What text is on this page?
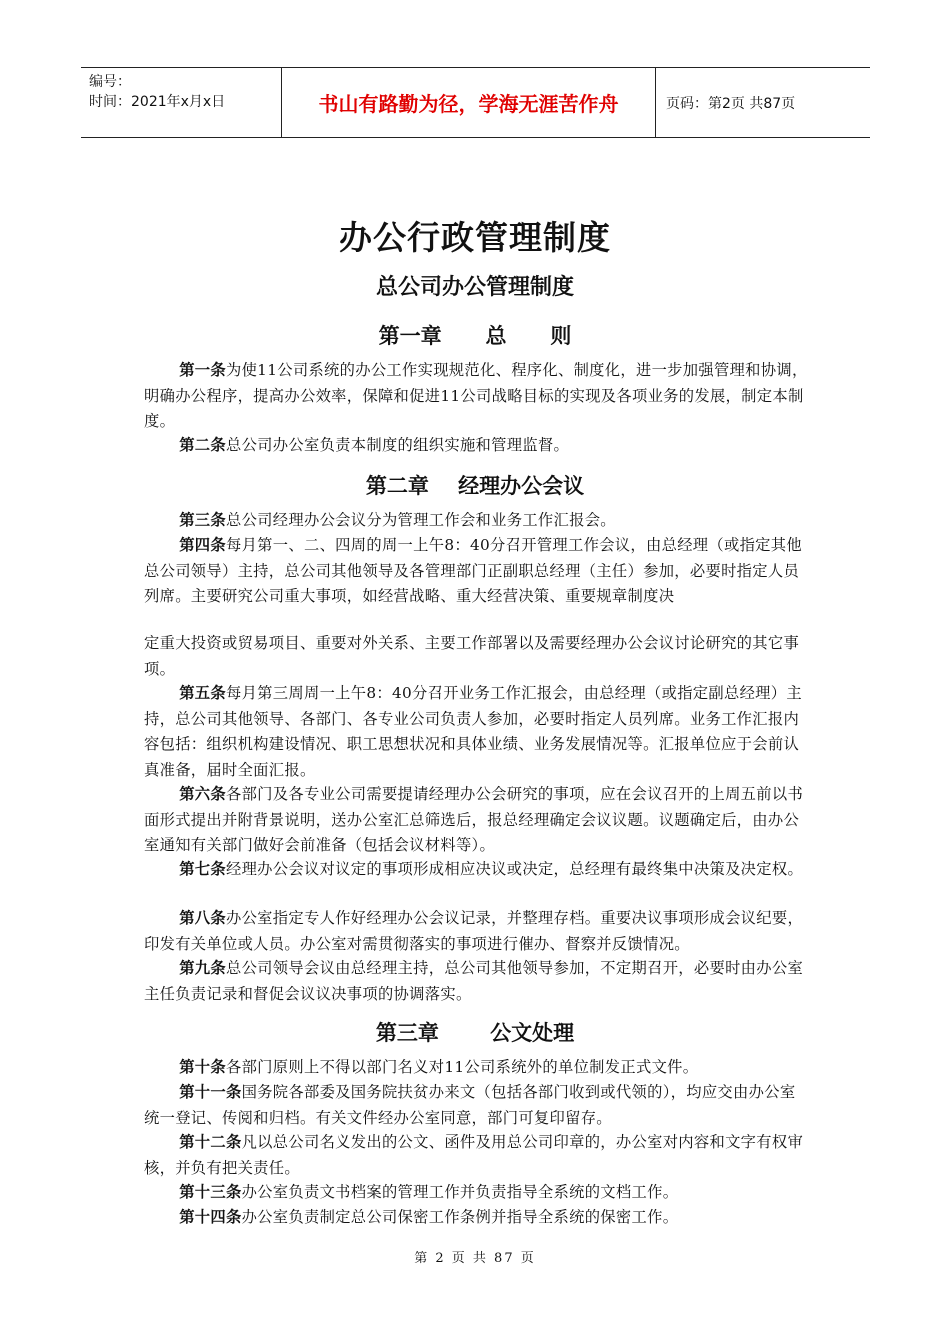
编号：
时间：2021年x月x日	书山有路勤为径，学海无涯苦作舟	页码：第2页 共87页
办公行政管理制度
总公司办公管理制度
第一章      总      则
第一条为使11公司系统的办公工作实现规范化、程序化、制度化，进一步加强管理和协调，明确办公程序，提高办公效率，保障和促进11公司战略目标的实现及各项业务的发展，制定本制度。
第二条总公司办公室负责本制度的组织实施和管理监督。
第二章    经理办公会议
第三条总公司经理办公会议分为管理工作会和业务工作汇报会。
第四条每月第一、二、四周的周一上午8：40分召开管理工作会议，由总经理（或指定其他总公司领导）主持，总公司其他领导及各管理部门正副职总经理（主任）参加，必要时指定人员列席。主要研究公司重大事项，如经营战略、重大经营决策、重要规章制度决
定重大投资或贸易项目、重要对外关系、主要工作部署以及需要经理办公会议讨论研究的其它事项。
第五条每月第三周周一上午8：40分召开业务工作汇报会，由总经理（或指定副总经理）主持，总公司其他领导、各部门、各专业公司负责人参加，必要时指定人员列席。业务工作汇报内容包括：组织机构建设情况、职工思想状况和具体业绩、业务发展情况等。汇报单位应于会前认真准备，届时全面汇报。
第六条各部门及各专业公司需要提请经理办公会研究的事项，应在会议召开的上周五前以书面形式提出并附背景说明，送办公室汇总筛选后，报总经理确定会议议题。议题确定后，由办公室通知有关部门做好会前准备（包括会议材料等）。
第七条经理办公会议对议定的事项形成相应决议或决定，总经理有最终集中决策及决定权。
第八条办公室指定专人作好经理办公会议记录，并整理存档。重要决议事项形成会议纪要，印发有关单位或人员。办公室对需贯彻落实的事项进行催办、督察并反馈情况。
第九条总公司领导会议由总经理主持，总公司其他领导参加，不定期召开，必要时由办公室主任负责记录和督促会议议决事项的协调落实。
第三章       公文处理
第十条各部门原则上不得以部门名义对11公司系统外的单位制发正式文件。
第十一条国务院各部委及国务院扶贫办来文（包括各部门收到或代领的），均应交由办公室统一登记、传阅和归档。有关文件经办公室同意，部门可复印留存。
第十二条凡以总公司名义发出的公文、函件及用总公司印章的，办公室对内容和文字有权审核，并负有把关责任。
第十三条办公室负责文书档案的管理工作并负责指导全系统的文档工作。
第十四条办公室负责制定总公司保密工作条例并指导全系统的保密工作。
第 2 页 共 87 页
